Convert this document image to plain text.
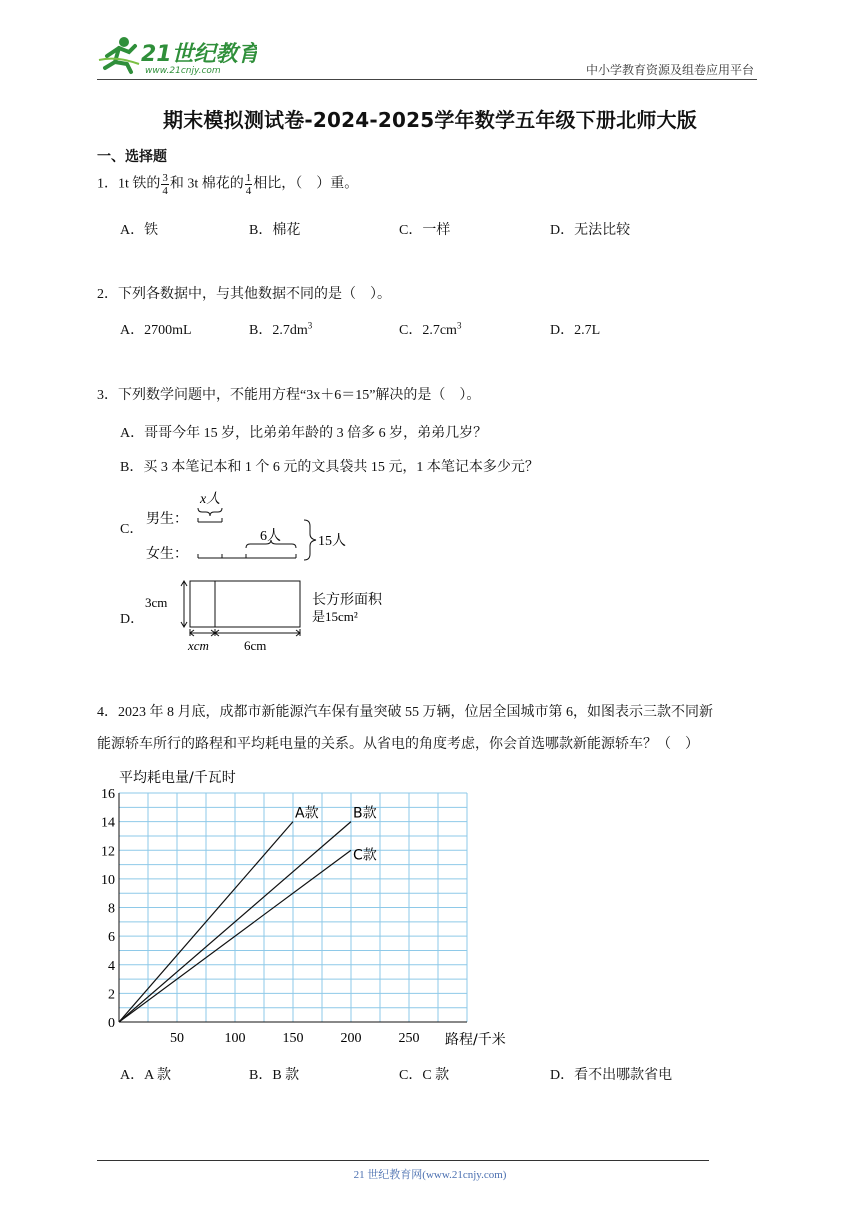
21世纪教育
www.21cnjy.com	中小学教育资源及组卷应用平台
期末模拟测试卷-2024-2025学年数学五年级下册北师大版
一、选择题
1．1t 铁的 $\frac{3}{4}$ 和 3t 棉花的 $\frac{1}{4}$ 相比，（　）重。
A．铁	B．棉花	C．一样	D．无法比较
2．下列各数据中，与其他数据不同的是（　）。
A．2700mL	B．$2.7dm^3$	C．$2.7cm^3$	D．2.7L
3．下列数学问题中，不能用方程“3x＋6＝15”解决的是（　）。
A．哥哥今年 15 岁，比弟弟年龄的 3 倍多 6 岁，弟弟几岁？
B．买 3 本笔记本和 1 个 6 元的文具袋共 15 元，1 本笔记本多少元？
C．
D．
男生：
女生：
x人
6人	15人
3cm
xcm	6cm
长方形面积
是15cm²
4．2023 年 8 月底，成都市新能源汽车保有量突破 55 万辆，位居全国城市第 6，如图表示三款不同新
能源轿车所行的路程和平均耗电量的关系。从省电的角度考虑，你会首选哪款新能源轿车？（　）
平均耗电量/千瓦时
路程/千米
0
2
4
6
8
10
12
14
16
50	100	150	200	250
A款 B款
C款
A．A 款	B．B 款	C．C 款	D．看不出哪款省电
21 世纪教育网(www.21cnjy.com)
